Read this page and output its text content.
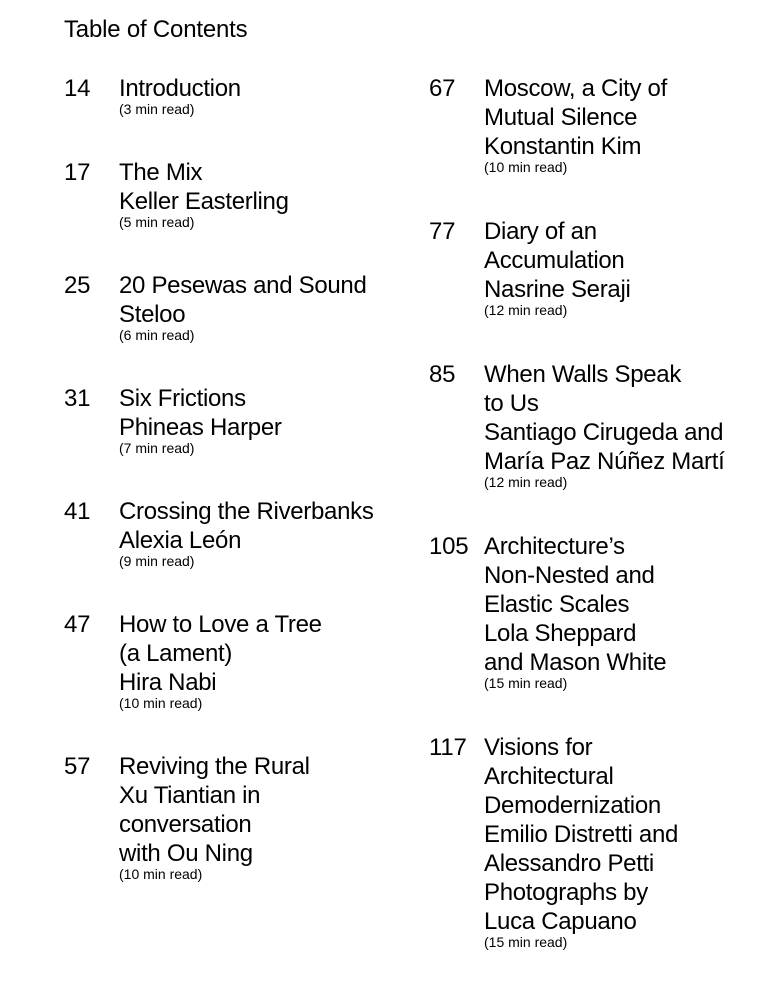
Table of Contents
14	Introduction
(3 min read)
17	The Mix
Keller Easterling
(5 min read)
25	20 Pesewas and Sound
Steloo
(6 min read)
31	Six Frictions
Phineas Harper
(7 min read)
41	Crossing the Riverbanks
Alexia León
(9 min read)
47	How to Love a Tree
(a Lament)
Hira Nabi
(10 min read)
57	Reviving the Rural
Xu Tiantian in
conversation
with Ou Ning
(10 min read)
67	Moscow, a City of
Mutual Silence
Konstantin Kim
(10 min read)
77	Diary of an
Accumulation
Nasrine Seraji
(12 min read)
85	When Walls Speak
to Us
Santiago Cirugeda and
María Paz Núñez Martí
(12 min read)
105 Architecture’s
Non-Nested and
Elastic Scales
Lola Sheppard
and Mason White
(15 min read)
117 Visions for
Architectural
Demodernization
Emilio Distretti and
Alessandro Petti
Photographs by
Luca Capuano
(15 min read)
